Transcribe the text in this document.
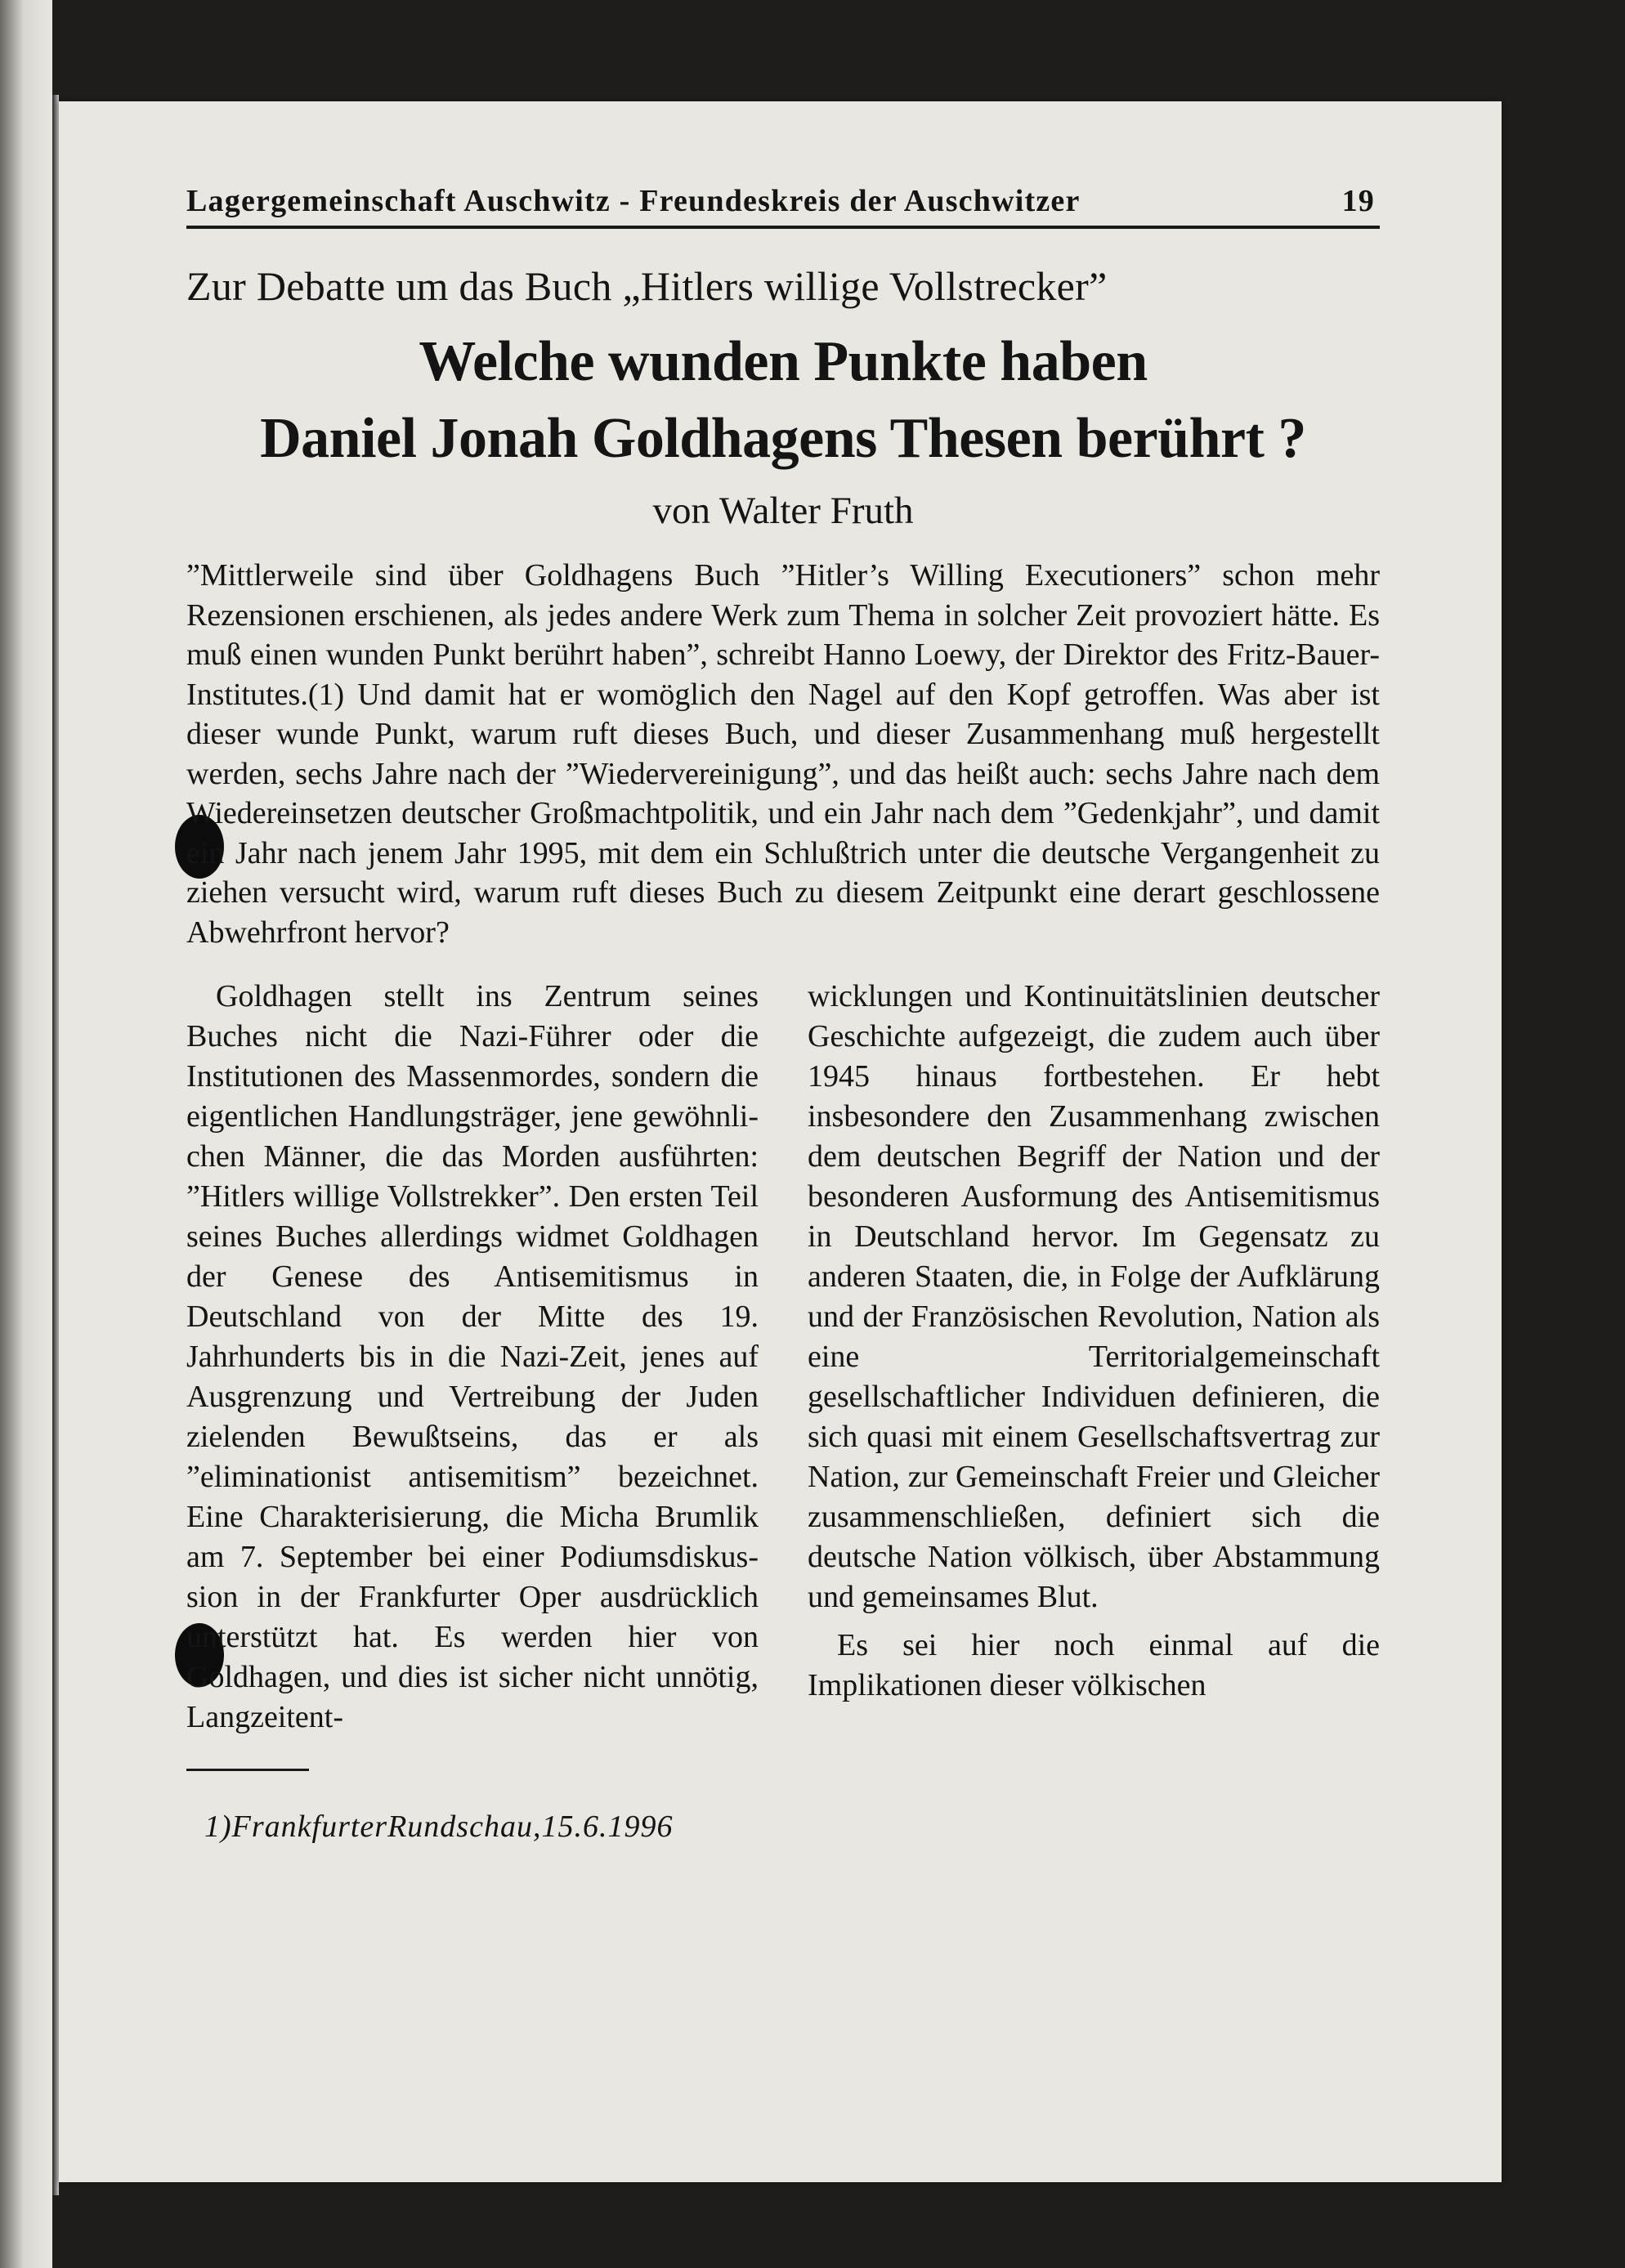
Lagergemeinschaft Auschwitz - Freundeskreis der Auschwitzer	19
Zur Debatte um das Buch „Hitlers willige Vollstrecker”
Welche wunden Punkte haben
Daniel Jonah Goldhagens Thesen berührt ?
von Walter Fruth
”Mittlerweile sind über Goldhagens Buch ”Hitler’s Willing Executioners” schon mehr Rezensionen erschienen, als jedes andere Werk zum Thema in solcher Zeit provoziert hätte. Es muß einen wunden Punkt berührt haben”, schreibt Hanno Loewy, der Direktor des Fritz-Bauer-Institutes.(1) Und damit hat er womöglich den Nagel auf den Kopf getroffen. Was aber ist dieser wunde Punkt, warum ruft dieses Buch, und dieser Zusammenhang muß hergestellt werden, sechs Jahre nach der ”Wiedervereinigung”, und das heißt auch: sechs Jahre nach dem Wiedereinsetzen deutscher Großmachtpolitik, und ein Jahr nach dem ”Gedenkjahr”, und damit ein Jahr nach jenem Jahr 1995, mit dem ein Schlußtrich unter die deutsche Vergangenheit zu ziehen versucht wird, warum ruft dieses Buch zu diesem Zeitpunkt eine derart geschlossene Abwehrfront hervor?

Goldhagen stellt ins Zentrum seines Buches nicht die Nazi-Führer oder die Institutionen des Massenmordes, sondern die eigentlichen Handlungsträger, jene gewöhnlichen Männer, die das Morden ausführten: ”Hitlers willige Vollstrekker”. Den ersten Teil seines Buches allerdings widmet Goldhagen der Genese des Antisemitismus in Deutschland von der Mitte des 19. Jahrhunderts bis in die Nazi-Zeit, jenes auf Ausgrenzung und Vertreibung der Juden zielenden Bewußtseins, das er als ”eliminationist antisemitism” bezeichnet. Eine Charakterisierung, die Micha Brumlik am 7. September bei einer Podiumsdiskussion in der Frankfurter Oper ausdrücklich unterstützt hat. Es werden hier von Goldhagen, und dies ist sicher nicht unnötig, Langzeitent-

wicklungen und Kontinuitätslinien deutscher Geschichte aufgezeigt, die zudem auch über 1945 hinaus fortbestehen. Er hebt insbesondere den Zusammenhang zwischen dem deutschen Begriff der Nation und der besonderen Ausformung des Antisemitismus in Deutschland hervor. Im Gegensatz zu anderen Staaten, die, in Folge der Aufklärung und der Französischen Revolution, Nation als eine Territorialgemeinschaft gesellschaftlicher Individuen definieren, die sich quasi mit einem Gesellschaftsvertrag zur Nation, zur Gemeinschaft Freier und Gleicher zusammenschließen, definiert sich die deutsche Nation völkisch, über Abstammung und gemeinsames Blut.

Es sei hier noch einmal auf die Implikationen dieser völkischen

1)FrankfurterRundschau,15.6.1996
